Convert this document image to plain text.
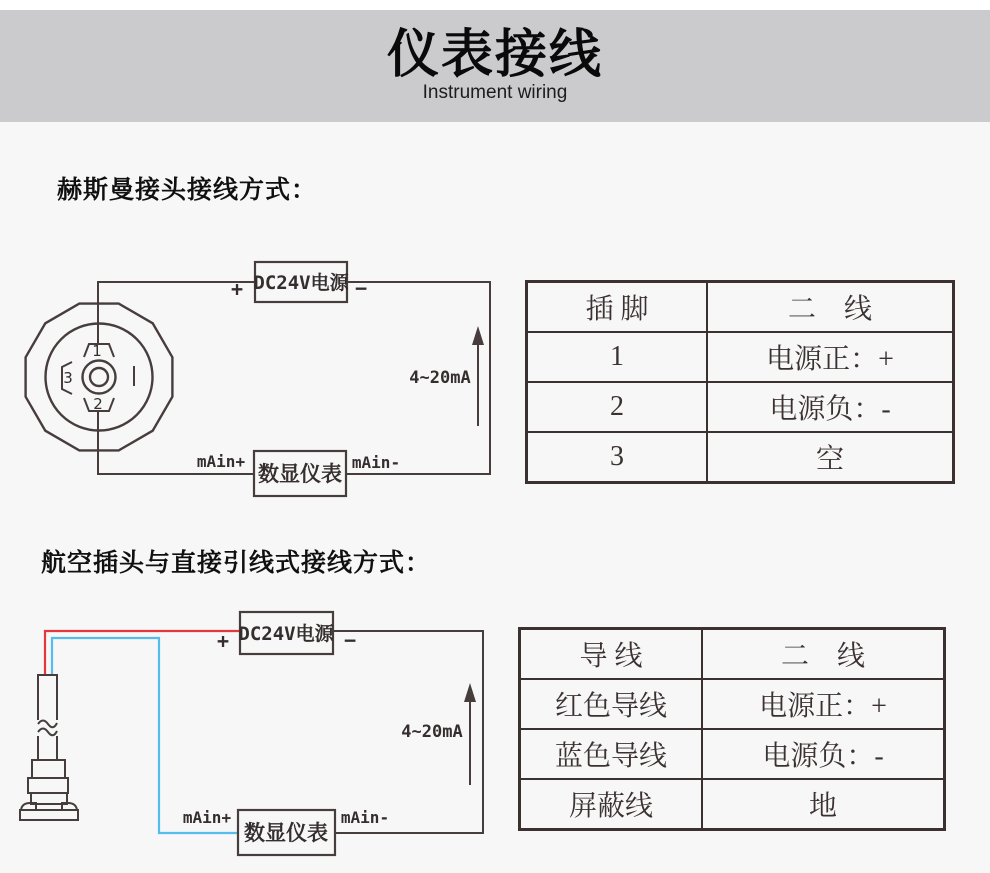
仪表接线
Instrument wiring
赫斯曼接头接线方式：
1
2
3
DC24V电源
+	−
数显仪表
mAin+	mAin-
4~20mA
插 脚	二　线
1	电源正：+
2	电源负：-
3	空
航空插头与直接引线式接线方式：
DC24V电源
+	−
数显仪表
mAin+	mAin-
4~20mA
导 线	二　线
红色导线	电源正：+
蓝色导线	电源负：-
屏蔽线	地
